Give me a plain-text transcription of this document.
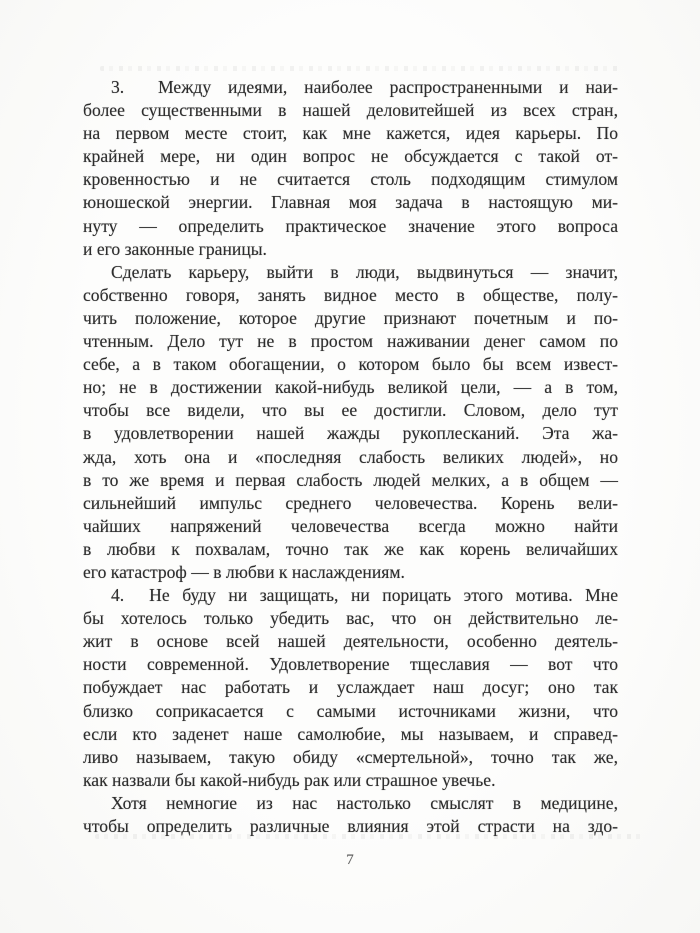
3.  Между идеями, наиболее распространенными и наи-
более существенными в нашей деловитейшей из всех стран,
на первом месте стоит, как мне кажется, идея карьеры. По
крайней мере, ни один вопрос не обсуждается с такой от-
кровенностью и не считается столь подходящим стимулом
юношеской энергии. Главная моя задача в настоящую ми-
нуту — определить практическое значение этого вопроса
и его законные границы.
Сделать карьеру, выйти в люди, выдвинуться — значит,
собственно говоря, занять видное место в обществе, полу-
чить положение, которое другие признают почетным и по-
чтенным. Дело тут не в простом наживании денег самом по
себе, а в таком обогащении, о котором было бы всем извест-
но; не в достижении какой-нибудь великой цели, — а в том,
чтобы все видели, что вы ее достигли. Словом, дело тут
в удовлетворении нашей жажды рукоплесканий. Эта жа-
жда, хоть она и «последняя слабость великих людей», но
в то же время и первая слабость людей мелких, а в общем —
сильнейший импульс среднего человечества. Корень вели-
чайших напряжений человечества всегда можно найти
в любви к похвалам, точно так же как корень величайших
его катастроф — в любви к наслаждениям.
4.  Не буду ни защищать, ни порицать этого мотива. Мне
бы хотелось только убедить вас, что он действительно ле-
жит в основе всей нашей деятельности, особенно деятель-
ности современной. Удовлетворение тщеславия — вот что
побуждает нас работать и услаждает наш досуг; оно так
близко соприкасается с самыми источниками жизни, что
если кто заденет наше самолюбие, мы называем, и справед-
ливо называем, такую обиду «смертельной», точно так же,
как назвали бы какой-нибудь рак или страшное увечье.
Хотя немногие из нас настолько смыслят в медицине,
чтобы определить различные влияния этой страсти на здо-
7
